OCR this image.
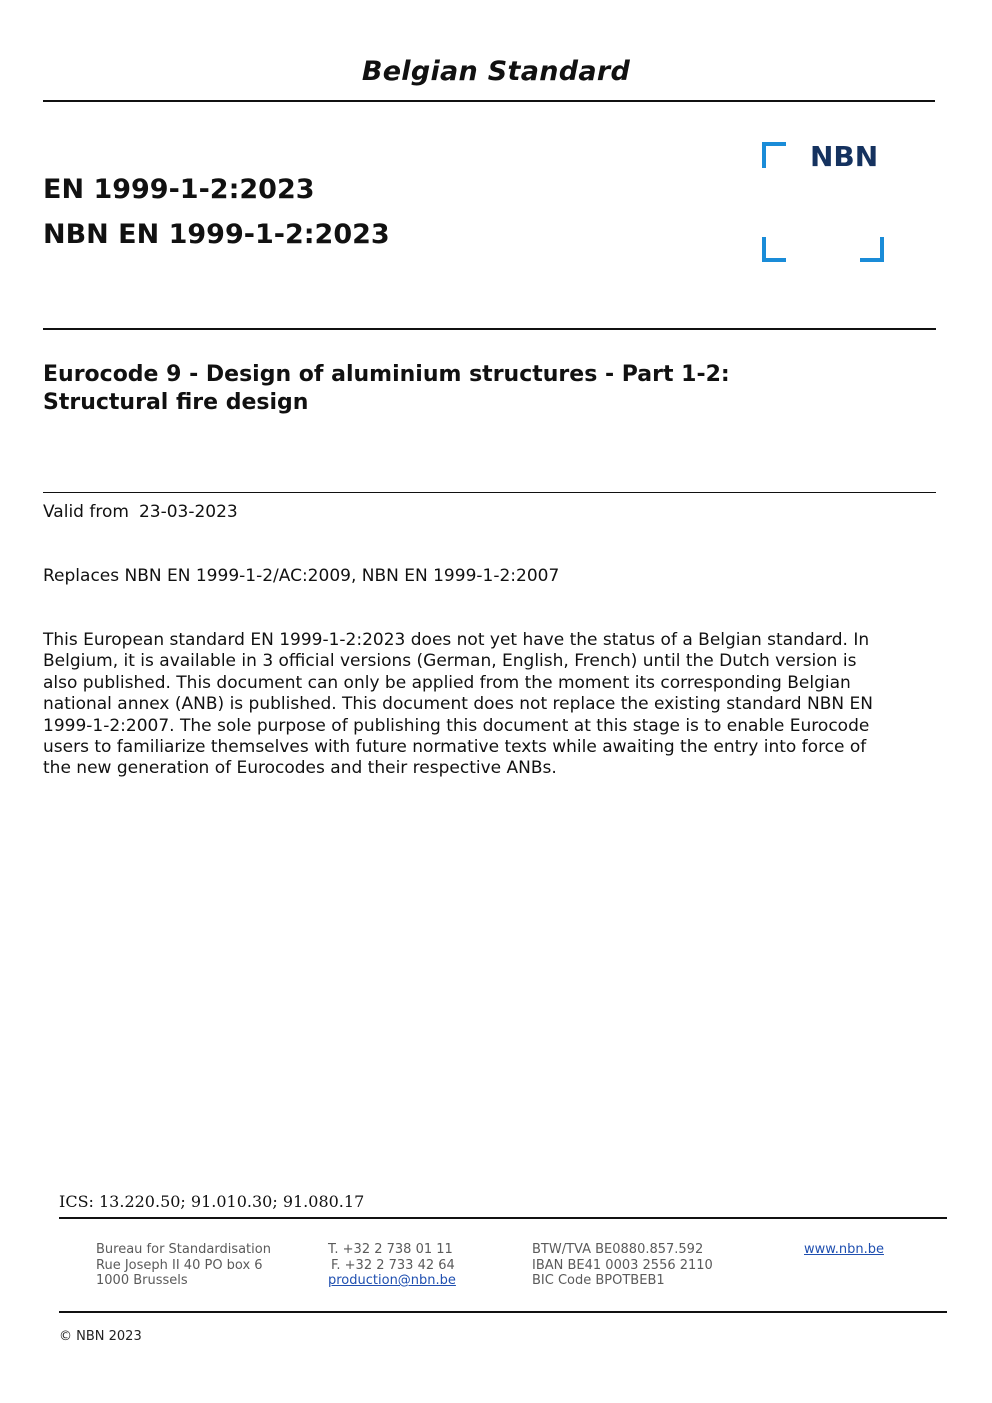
Belgian Standard
EN 1999-1-2:2023
NBN EN 1999-1-2:2023
NBN
Eurocode 9 - Design of aluminium structures - Part 1-2:
Structural fire design
Valid from 23-03-2023
Replaces NBN EN 1999-1-2/AC:2009, NBN EN 1999-1-2:2007
This European standard EN 1999-1-2:2023 does not yet have the status of a Belgian standard. In Belgium, it is available in 3 official versions (German, English, French) until the Dutch version is also published. This document can only be applied from the moment its corresponding Belgian national annex (ANB) is published. This document does not replace the existing standard NBN EN 1999-1-2:2007. The sole purpose of publishing this document at this stage is to enable Eurocode users to familiarize themselves with future normative texts while awaiting the entry into force of the new generation of Eurocodes and their respective ANBs.
ICS: 13.220.50; 91.010.30; 91.080.17
Bureau for Standardisation
Rue Joseph II 40 PO box 6
1000 Brussels
T. +32 2 738 01 11
F. +32 2 733 42 64
production@nbn.be
BTW/TVA BE0880.857.592
IBAN BE41 0003 2556 2110
BIC Code BPOTBEB1
www.nbn.be
© NBN 2023
